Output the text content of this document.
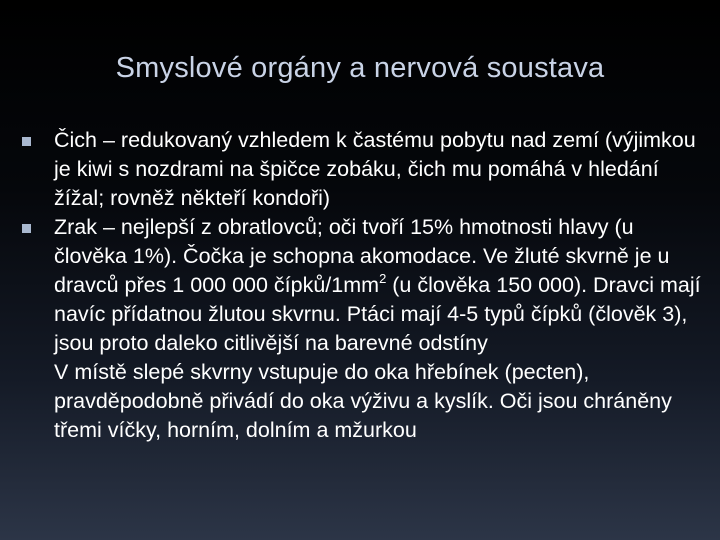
Smyslové orgány a nervová soustava
Čich – redukovaný vzhledem k častému pobytu nad zemí (výjimkou je kiwi s nozdrami na špičce zobáku, čich mu pomáhá v hledání žížal; rovněž někteří kondoři)
Zrak – nejlepší z obratlovců; oči tvoří 15% hmotnosti hlavy (u člověka 1%). Čočka je schopna akomodace. Ve žluté skvrně je u dravců přes 1 000 000 čípků/$1mm^2$ (u člověka 150 000). Dravci mají navíc přídatnou žlutou skvrnu. Ptáci mají 4-5 typů čípků (člověk 3), jsou proto daleko citlivější na barevné odstíny
V místě slepé skvrny vstupuje do oka hřebínek (pecten), pravděpodobně přivádí do oka výživu a kyslík. Oči jsou chráněny třemi víčky, horním, dolním a mžurkou
